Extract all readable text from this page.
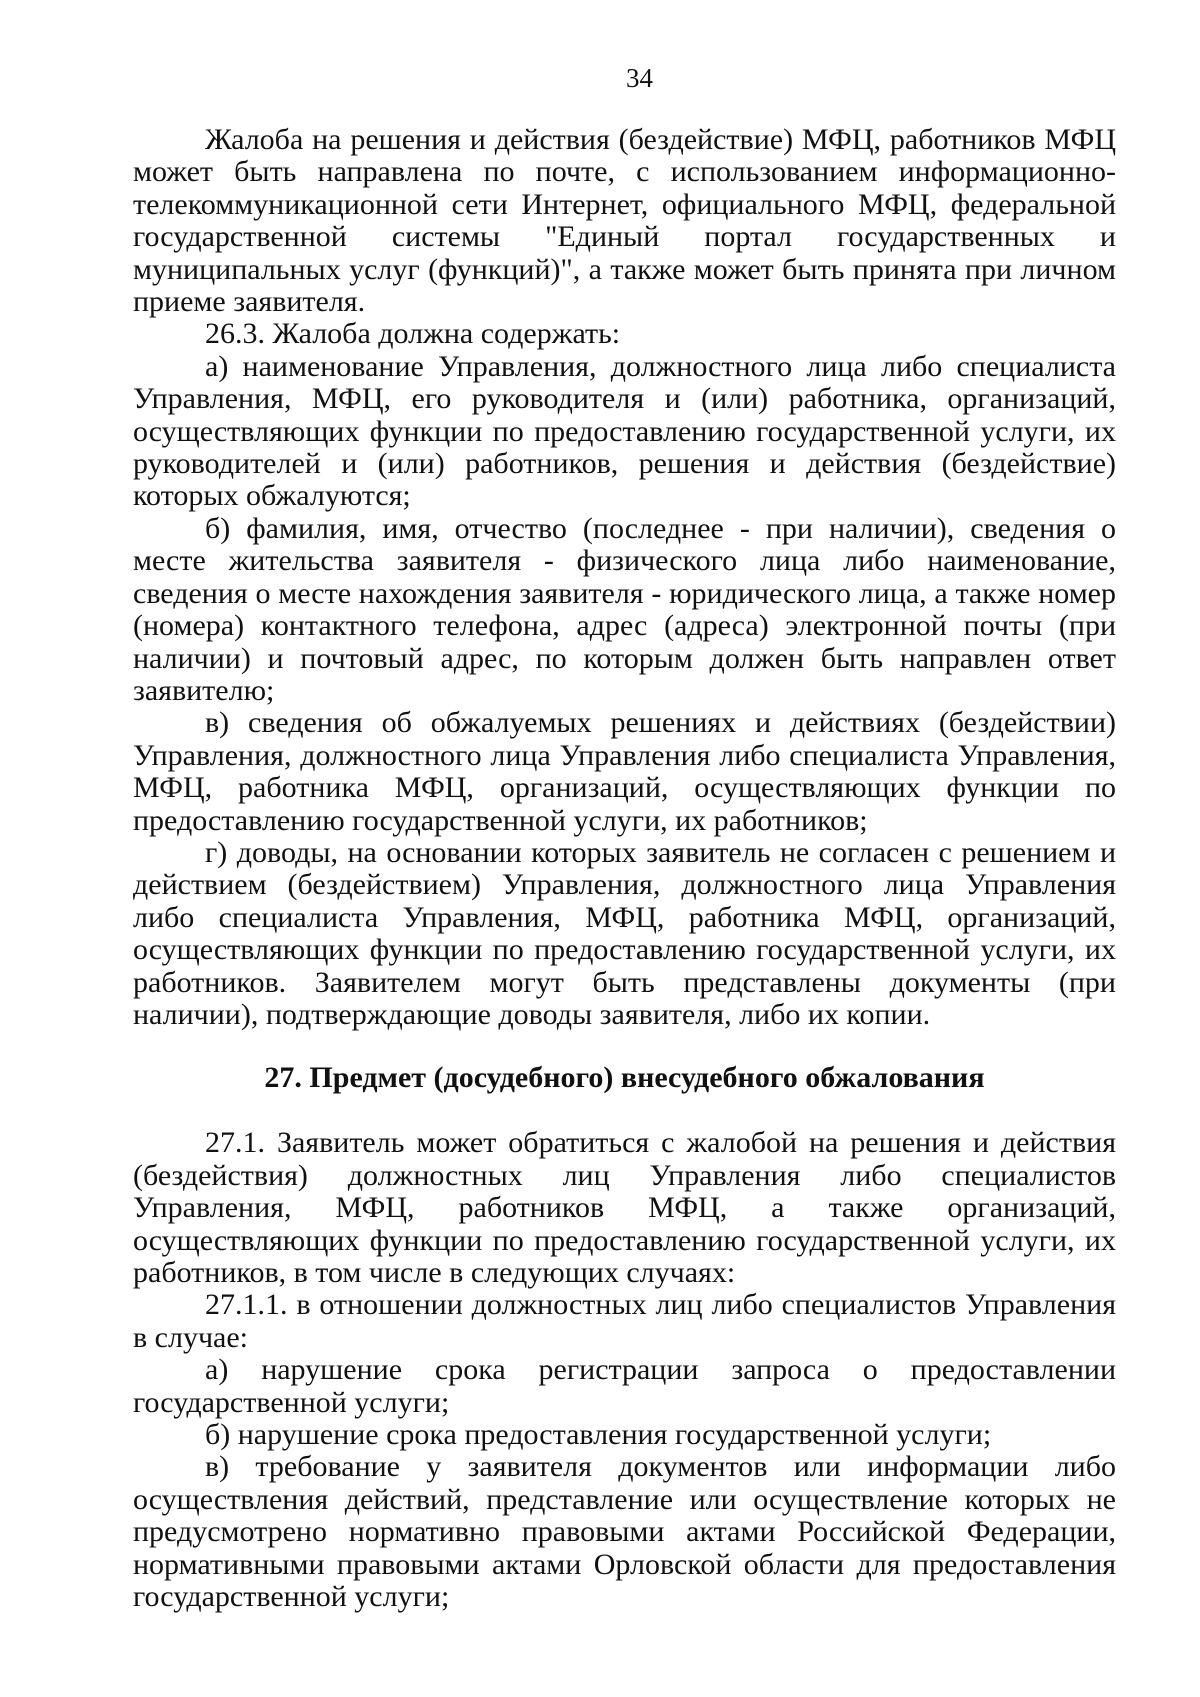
34

Жалоба на решения и действия (бездействие) МФЦ, работников МФЦ может быть направлена по почте, с использованием информационно-телекоммуникационной сети Интернет, официального МФЦ, федеральной государственной системы "Единый портал государственных и муниципальных услуг (функций)", а также может быть принята при личном приеме заявителя.

26.3. Жалоба должна содержать:

а) наименование Управления, должностного лица либо специалиста Управления, МФЦ, его руководителя и (или) работника, организаций, осуществляющих функции по предоставлению государственной услуги, их руководителей и (или) работников, решения и действия (бездействие) которых обжалуются;

б) фамилия, имя, отчество (последнее - при наличии), сведения о месте жительства заявителя - физического лица либо наименование, сведения о месте нахождения заявителя - юридического лица, а также номер (номера) контактного телефона, адрес (адреса) электронной почты (при наличии) и почтовый адрес, по которым должен быть направлен ответ заявителю;

в) сведения об обжалуемых решениях и действиях (бездействии) Управления, должностного лица Управления либо специалиста Управления, МФЦ, работника МФЦ, организаций, осуществляющих функции по предоставлению государственной услуги, их работников;

г) доводы, на основании которых заявитель не согласен с решением и действием (бездействием) Управления, должностного лица Управления либо специалиста Управления, МФЦ, работника МФЦ, организаций, осуществляющих функции по предоставлению государственной услуги, их работников. Заявителем могут быть представлены документы (при наличии), подтверждающие доводы заявителя, либо их копии.

27. Предмет (досудебного) внесудебного обжалования

27.1. Заявитель может обратиться с жалобой на решения и действия (бездействия) должностных лиц Управления либо специалистов Управления, МФЦ, работников МФЦ, а также организаций, осуществляющих функции по предоставлению государственной услуги, их работников, в том числе в следующих случаях:

27.1.1. в отношении должностных лиц либо специалистов Управления в случае:

а) нарушение срока регистрации запроса о предоставлении государственной услуги;

б) нарушение срока предоставления государственной услуги;

в) требование у заявителя документов или информации либо осуществления действий, представление или осуществление которых не предусмотрено нормативно правовыми актами Российской Федерации, нормативными правовыми актами Орловской области для предоставления государственной услуги;
